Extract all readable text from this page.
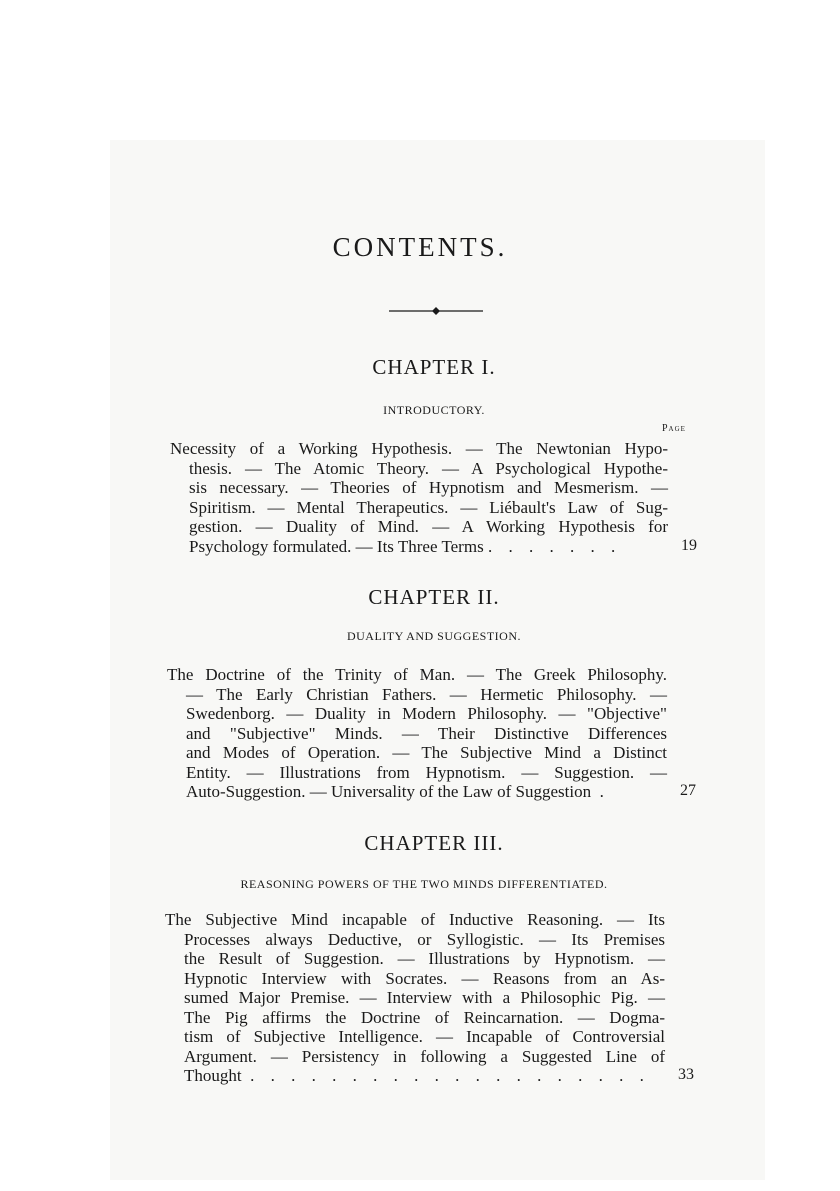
CONTENTS.
CHAPTER I.
INTRODUCTORY.
Page
Necessity of a Working Hypothesis. — The Newtonian Hypo-
thesis. — The Atomic Theory. — A Psychological Hypothe-
sis necessary. — Theories of Hypnotism and Mesmerism. —
Spiritism. — Mental Therapeutics. — Liébault's Law of Sug-
gestion. — Duality of Mind. — A Working Hypothesis for
Psychology formulated. — Its Three Terms . . . . . . .	19
CHAPTER II.
DUALITY AND SUGGESTION.
The Doctrine of the Trinity of Man. — The Greek Philosophy.
— The Early Christian Fathers. — Hermetic Philosophy. —
Swedenborg. — Duality in Modern Philosophy. — "Objective"
and "Subjective" Minds. — Their Distinctive Differences
and Modes of Operation. — The Subjective Mind a Distinct
Entity. — Illustrations from Hypnotism. — Suggestion. —
Auto-Suggestion. — Universality of the Law of Suggestion .	27
CHAPTER III.
REASONING POWERS OF THE TWO MINDS DIFFERENTIATED.
The Subjective Mind incapable of Inductive Reasoning. — Its
Processes always Deductive, or Syllogistic. — Its Premises
the Result of Suggestion. — Illustrations by Hypnotism. —
Hypnotic Interview with Socrates. — Reasons from an As-
sumed Major Premise. — Interview with a Philosophic Pig. —
The Pig affirms the Doctrine of Reincarnation. — Dogma-
tism of Subjective Intelligence. — Incapable of Controversial
Argument. — Persistency in following a Suggested Line of
Thought . . . . . . . . . . . . . . . . . . . .	33
